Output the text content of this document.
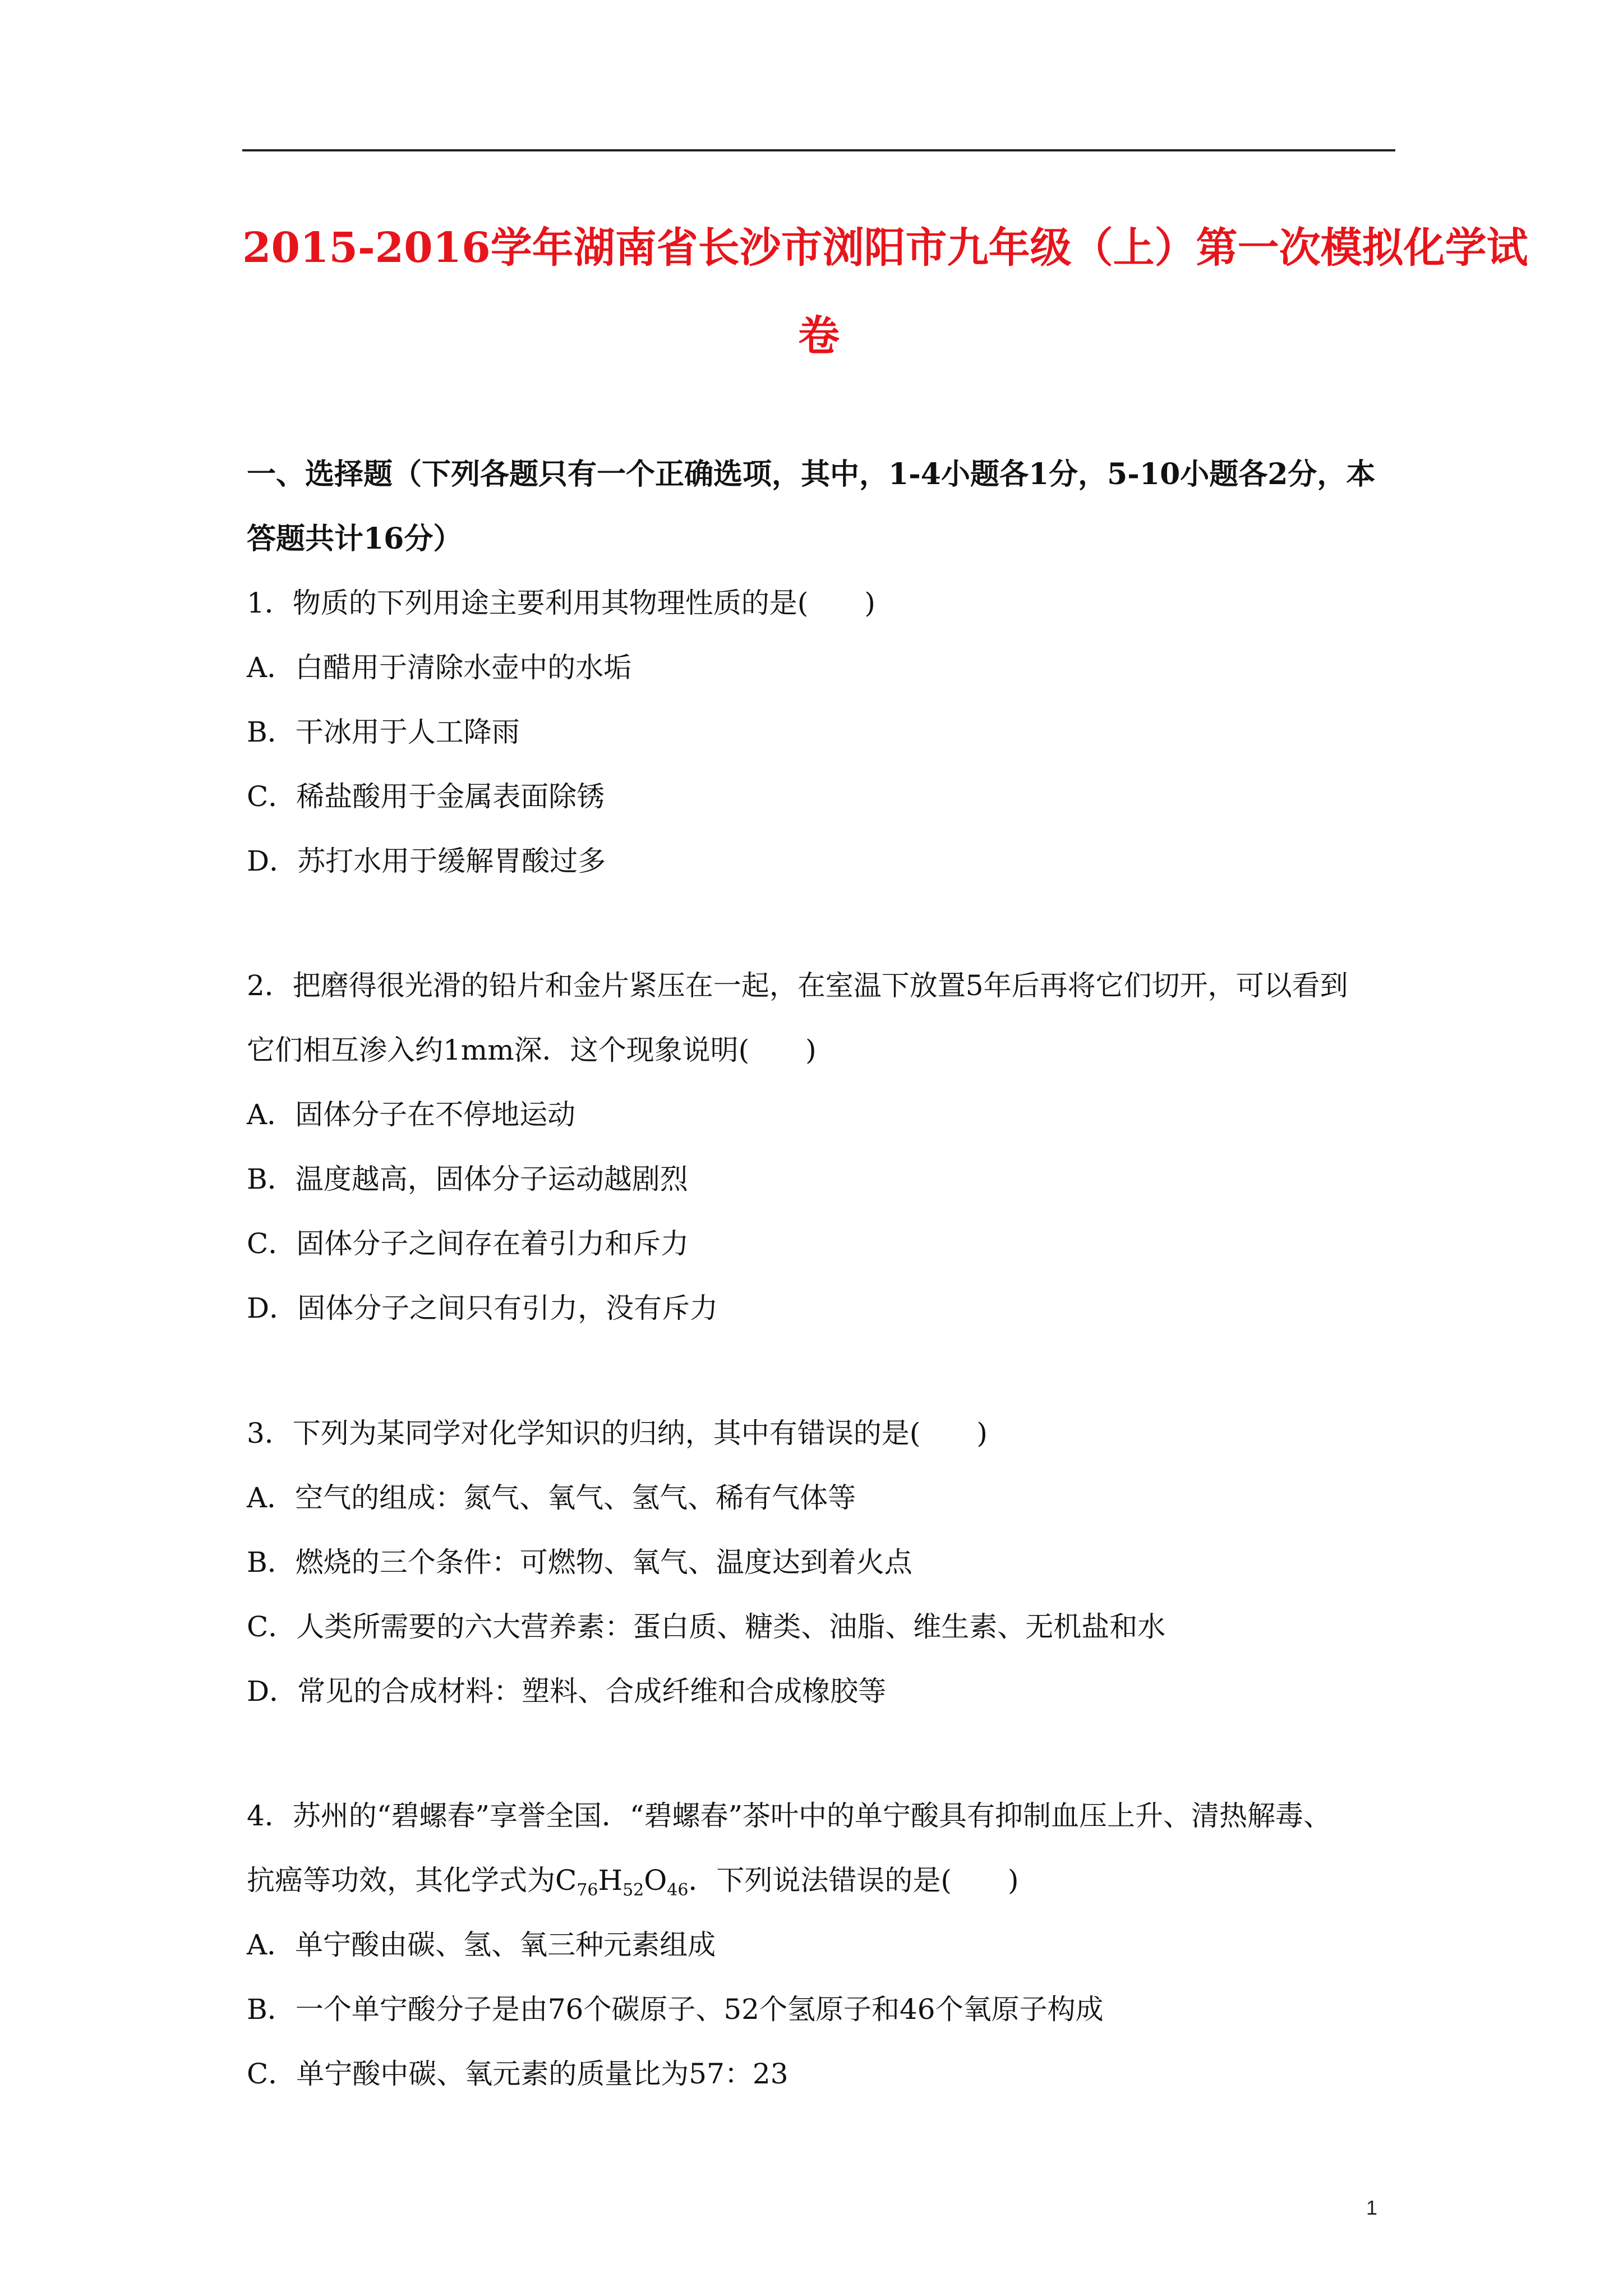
2015-2016学年湖南省长沙市浏阳市九年级（上）第一次模拟化学试
卷
一、选择题（下列各题只有一个正确选项，其中，1-4小题各1分，5-10小题各2分，本
答题共计16分）
1．物质的下列用途主要利用其物理性质的是(　　)
A．白醋用于清除水壶中的水垢
B．干冰用于人工降雨
C．稀盐酸用于金属表面除锈
D．苏打水用于缓解胃酸过多
2．把磨得很光滑的铅片和金片紧压在一起，在室温下放置5年后再将它们切开，可以看到
它们相互渗入约1mm深．这个现象说明(　　)
A．固体分子在不停地运动
B．温度越高，固体分子运动越剧烈
C．固体分子之间存在着引力和斥力
D．固体分子之间只有引力，没有斥力
3．下列为某同学对化学知识的归纳，其中有错误的是(　　)
A．空气的组成：氮气、氧气、氢气、稀有气体等
B．燃烧的三个条件：可燃物、氧气、温度达到着火点
C．人类所需要的六大营养素：蛋白质、糖类、油脂、维生素、无机盐和水
D．常见的合成材料：塑料、合成纤维和合成橡胶等
4．苏州的“碧螺春”享誉全国．“碧螺春”茶叶中的单宁酸具有抑制血压上升、清热解毒、
抗癌等功效，其化学式为$C_{76}H_{52}O_{46}$．下列说法错误的是(　　)
A．单宁酸由碳、氢、氧三种元素组成
B．一个单宁酸分子是由76个碳原子、52个氢原子和46个氧原子构成
C．单宁酸中碳、氧元素的质量比为57：23
1
